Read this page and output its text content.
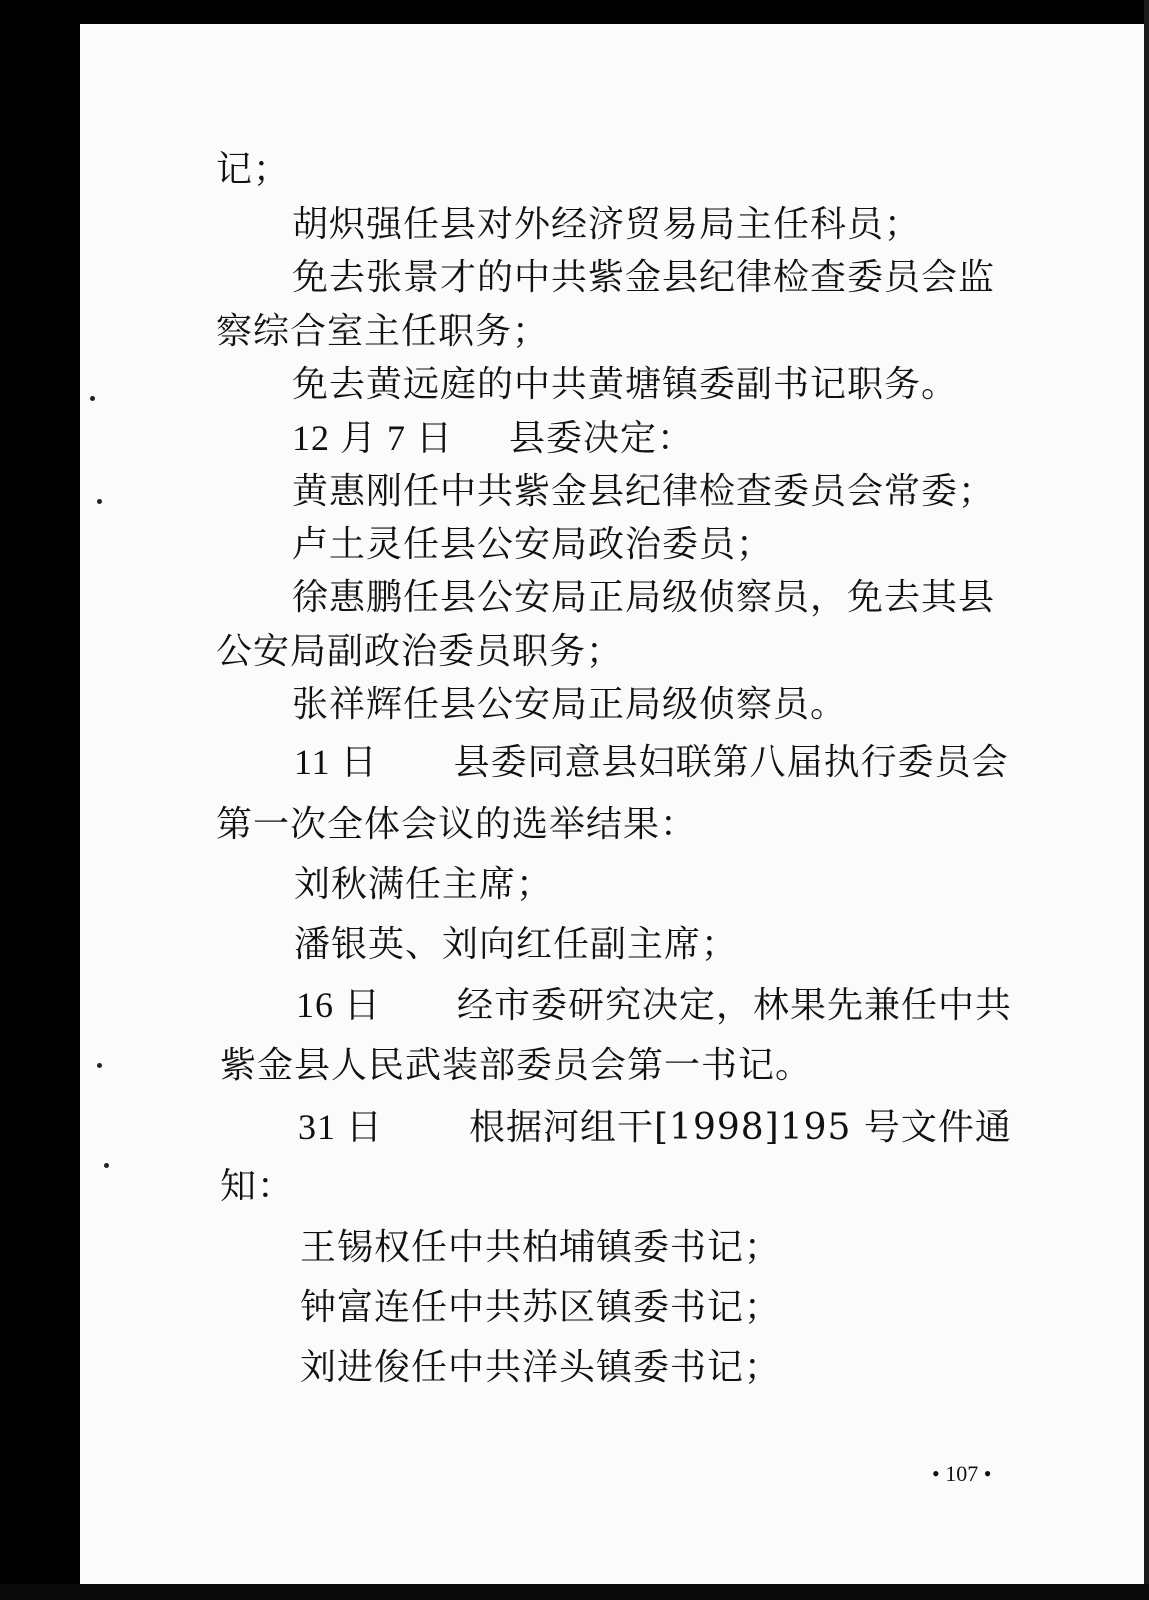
记；
胡炽强任县对外经济贸易局主任科员；
免去张景才的中共紫金县纪律检查委员会监
察综合室主任职务；
免去黄远庭的中共黄塘镇委副书记职务。
12 月 7 日 县委决定：
黄惠刚任中共紫金县纪律检查委员会常委；
卢土灵任县公安局政治委员；
徐惠鹏任县公安局正局级侦察员，免去其县
公安局副政治委员职务；
张祥辉任县公安局正局级侦察员。
11 日 县委同意县妇联第八届执行委员会
第一次全体会议的选举结果：
刘秋满任主席；
潘银英、刘向红任副主席；
16 日 经市委研究决定，林果先兼任中共
紫金县人民武装部委员会第一书记。
31 日 根据河组干[1998]195 号文件通
知：
王锡权任中共柏埔镇委书记；
钟富连任中共苏区镇委书记；
刘进俊任中共洋头镇委书记；
• 107 •
